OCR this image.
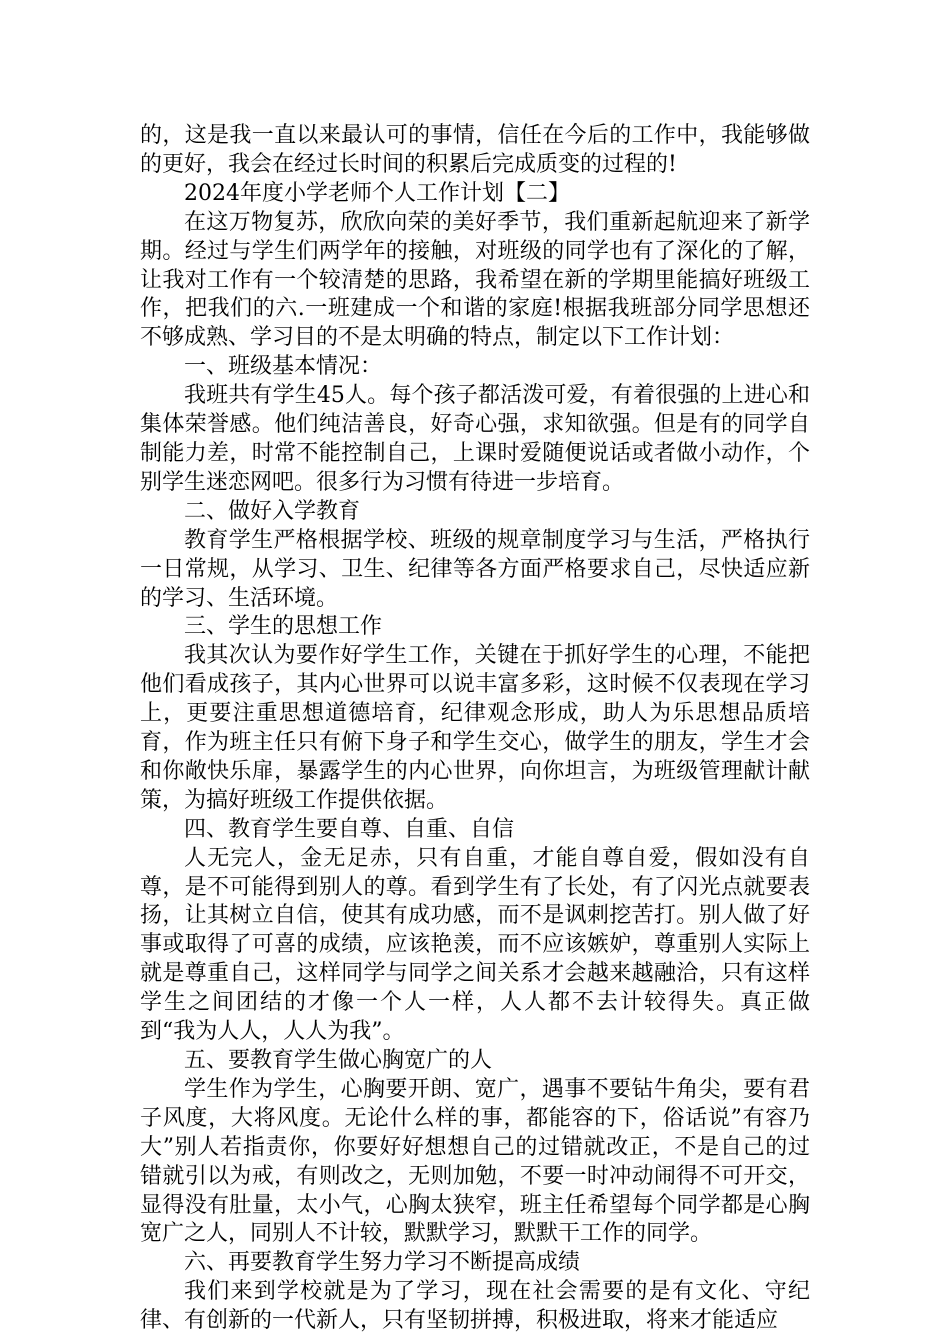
的，这是我一直以来最认可的事情，信任在今后的工作中，我能够做的更好，我会在经过长时间的积累后完成质变的过程的!

2024年度小学老师个人工作计划【二】

在这万物复苏，欣欣向荣的美好季节，我们重新起航迎来了新学期。经过与学生们两学年的接触，对班级的同学也有了深化的了解，让我对工作有一个较清楚的思路，我希望在新的学期里能搞好班级工作，把我们的六.一班建成一个和谐的家庭!根据我班部分同学思想还不够成熟、学习目的不是太明确的特点，制定以下工作计划：

一、班级基本情况：

我班共有学生45人。每个孩子都活泼可爱，有着很强的上进心和集体荣誉感。他们纯洁善良，好奇心强，求知欲强。但是有的同学自制能力差，时常不能控制自己，上课时爱随便说话或者做小动作，个别学生迷恋网吧。很多行为习惯有待进一步培育。

二、做好入学教育

教育学生严格根据学校、班级的规章制度学习与生活，严格执行一日常规，从学习、卫生、纪律等各方面严格要求自己，尽快适应新的学习、生活环境。

三、学生的思想工作

我其次认为要作好学生工作，关键在于抓好学生的心理，不能把他们看成孩子，其内心世界可以说丰富多彩，这时候不仅表现在学习上，更要注重思想道德培育，纪律观念形成，助人为乐思想品质培育，作为班主任只有俯下身子和学生交心，做学生的朋友，学生才会和你敞快乐扉，暴露学生的内心世界，向你坦言，为班级管理献计献策，为搞好班级工作提供依据。

四、教育学生要自尊、自重、自信

人无完人，金无足赤，只有自重，才能自尊自爱，假如没有自尊，是不可能得到别人的尊。看到学生有了长处，有了闪光点就要表扬，让其树立自信，使其有成功感，而不是讽刺挖苦打。别人做了好事或取得了可喜的成绩，应该艳羡，而不应该嫉妒，尊重别人实际上就是尊重自己，这样同学与同学之间关系才会越来越融洽，只有这样学生之间团结的才像一个人一样，人人都不去计较得失。真正做到“我为人人，人人为我”。

五、要教育学生做心胸宽广的人

学生作为学生，心胸要开朗、宽广，遇事不要钻牛角尖，要有君子风度，大将风度。无论什么样的事，都能容的下，俗话说”有容乃大”别人若指责你，你要好好想想自己的过错就改正，不是自己的过错就引以为戒，有则改之，无则加勉，不要一时冲动闹得不可开交，显得没有肚量，太小气，心胸太狭窄，班主任希望每个同学都是心胸宽广之人，同别人不计较，默默学习，默默干工作的同学。

六、再要教育学生努力学习不断提高成绩

我们来到学校就是为了学习，现在社会需要的是有文化、守纪律、有创新的一代新人，只有坚韧拼搏，积极进取，将来才能适应
